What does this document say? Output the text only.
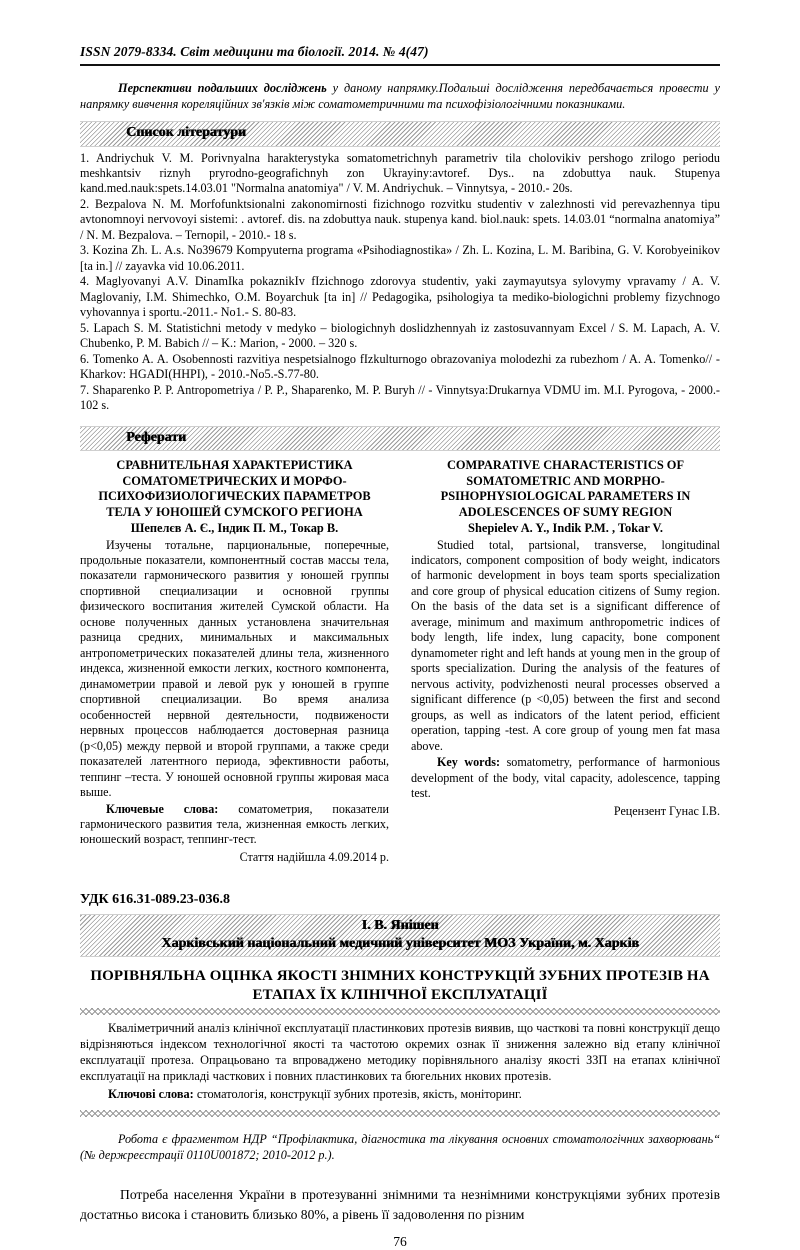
ISSN 2079-8334. Світ медицини та біології. 2014. № 4(47)

Перспективи подальших досліджень у даному напрямку.Подальші дослідження передбачається провести у напрямку вивчення кореляційних зв'язків між соматометричними та психофізіологічними показниками.

Список літератури

1. Andriychuk V. M. Porivnyalna harakterystyka somatometrichnyh parametriv tila cholovikiv pershogo zrilogo periodu meshkantsiv riznyh pryrodno-geografichnyh zon Ukrayiny:avtoref. Dys.. na zdobuttya nauk. Stupenya kand.med.nauk:spets.14.03.01 "Normalna anatomiya" / V. M. Andriychuk. – Vinnytsya, - 2010.- 20s.

2. Bezpalova N. M. Morfofunktsionalni zakonomirnosti fizichnogo rozvitku studentiv v zalezhnosti vid perevazhennya tipu avtonomnoyi nervovoyi sistemi: . avtoref. dis. na zdobuttya nauk. stupenya kand. biol.nauk: spets. 14.03.01 “normalna anatomiya” / N. M. Bezpalova. – Ternopil, - 2010.- 18 s.

3. Kozina Zh. L. A.s. No39679 Kompyuterna programa «Psihodiagnostika» / Zh. L. Kozina, L. M. Baribina, G. V. Korobyeinikov [ta in.] // zayavka vid 10.06.2011.

4. Maglyovanyi A.V. DinamIka pokaznikIv fIzichnogo zdorovya studentiv, yaki zaymayutsya sylovymy vpravamy / A. V. Maglovaniy, I.M. Shimechko, O.M. Boyarchuk [ta in] // Pedagogika, psihologiya ta mediko-biologichni problemy fizychnogo vyhovannya i sportu.-2011.- No1.- S. 80-83.

5. Lapach S. M. Statistichni metody v medyko – biologichnyh doslidzhennyah iz zastosuvannyam Excel / S. M. Lapach, A. V. Chubenko, P. M. Babich // – K.: Marion, - 2000. – 320 s.

6. Tomenko A. A. Osobennosti razvitiya nespetsialnogo fIzkulturnogo obrazovaniya molodezhi za rubezhom / A. A. Tomenko// - Kharkov: HGADI(HHPI), - 2010.-No5.-S.77-80.

7. Shaparenko P. P. Antropometriya / P. P., Shaparenko, M. P. Buryh // - Vinnytsya:Drukarnya VDMU im. M.I. Pyrogova, - 2000.- 102 s.

Реферати

СРАВНИТЕЛЬНАЯ ХАРАКТЕРИСТИКА СОМАТОМЕТРИЧЕСКИХ И МОРФО-ПСИХОФИЗИОЛОГИЧЕСКИХ ПАРАМЕТРОВ ТЕЛА У ЮНОШЕЙ СУМСКОГО РЕГИОНА

Шепелєв А. Є., Індик П. М., Токар В.

Изучены тотальне, парциональные, поперечные, продольные показатели, компонентный состав массы тела, показатели гармонического развития у юношей группы спортивной специализации и основной группы физического воспитания жителей Сумской области. На основе полученных данных установлена значительная разница средних, минимальных и максимальных антропометрических показателей длины тела, жизненного индекса, жизненной емкости легких, костного компонента, динамометрии правой и левой рук у юношей в группе спортивной специализации. Во время анализа особенностей нервной деятельности, подвижености нервных процессов наблюдается достоверная разница (р<0,05) между первой и второй группами, а также среди показателей латентного периода, эфективности работы, теппинг –теста. У юношей основной группы жировая маса выше.

Ключевые слова: соматометрия, показатели гармонического развития тела, жизненная емкость легких, юношеский возраст, теппинг-тест.

Стаття надійшла 4.09.2014 р.

COMPARATIVE CHARACTERISTICS OF SOMATOMETRIC AND MORPHO-PSIHOPHYSIOLOGICAL PARAMETERS IN ADOLESCENCES OF SUMY REGION

Shepielev A. Y., Indik P.M. , Tokar V.

Studied total, partsional, transverse, longitudinal indicators, component composition of body weight, indicators of harmonic development in boys team sports specialization and core group of physical education citizens of Sumy region. On the basis of the data set is a significant difference of average, minimum and maximum anthropometric indices of body length, life index, lung capacity, bone component dynamometer right and left hands at young men in the group of sports specialization. During the analysis of the features of nervous activity, podvizhenosti neural processes observed a significant difference (p <0,05) between the first and second groups, as well as indicators of the latent period, efficient operation, tapping -test. A core group of young men fat masa above.

Key words: somatometry, performance of harmonious development of the body, vital capacity, adolescence, tapping test.

Рецензент Гунас І.В.

УДК 616.31-089.23-036.8
І. В. Янішен
Харківський національний медичний університет МОЗ України, м. Харків
ПОРІВНЯЛЬНА ОЦІНКА ЯКОСТІ ЗНІМНИХ КОНСТРУКЦІЙ ЗУБНИХ ПРОТЕЗІВ НА ЕТАПАХ ЇХ КЛІНІЧНОЇ ЕКСПЛУАТАЦІЇ

Кваліметричний аналіз клінічної експлуатації пластинкових протезів виявив, що часткові та повні конструкції дещо відрізняються індексом технологічної якості та частотою окремих ознак її зниження залежно від етапу клінічної експлуатації протеза. Опрацьовано та впроваджено методику порівняльного аналізу якості ЗЗП на етапах клінічної експлуатації на прикладі часткових і повних пластинкових та бюгельних нкових протезів.

Ключові слова: стоматологія, конструкції зубних протезів, якість, моніторинг.

Робота є фрагментом НДР “Профілактика, діагностика та лікування основних стоматологічних захворювань“ (№ держреєстрації 0110U001872; 2010-2012 р.).

Потреба населення України в протезуванні знімними та незнімними конструкціями зубних протезів достатньо висока і становить близько 80%, а рівень її задоволення по різним

76
